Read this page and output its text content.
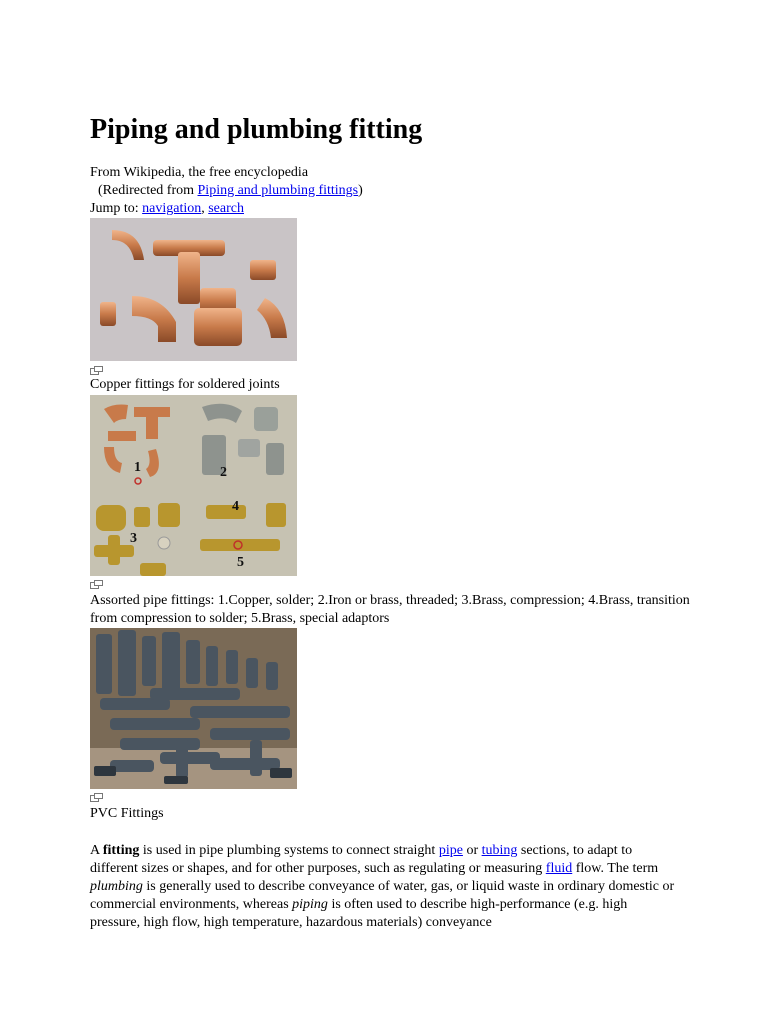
Piping and plumbing fitting
From Wikipedia, the free encyclopedia
(Redirected from Piping and plumbing fittings)
Jump to: navigation, search
Copper fittings for soldered joints
1	2
3
4
5
Assorted pipe fittings: 1.Copper, solder; 2.Iron or brass, threaded; 3.Brass, compression; 4.Brass, transition from compression to solder; 5.Brass, special adaptors
PVC Fittings

A fitting is used in pipe plumbing systems to connect straight pipe or tubing sections, to adapt to different sizes or shapes, and for other purposes, such as regulating or measuring fluid flow. The term plumbing is generally used to describe conveyance of water, gas, or liquid waste in ordinary domestic or commercial environments, whereas piping is often used to describe high-performance (e.g. high pressure, high flow, high temperature, hazardous materials) conveyance
